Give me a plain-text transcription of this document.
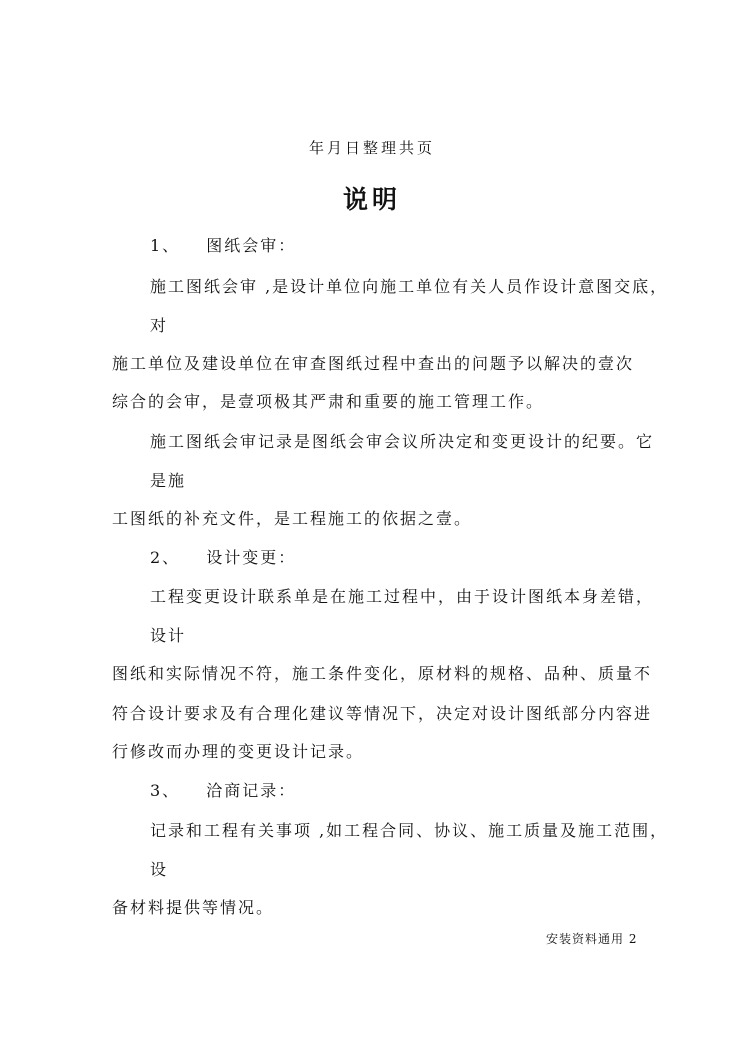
年月日整理共页
说明
1、 图纸会审：
施工图纸会审 ,是设计单位向施工单位有关人员作设计意图交底，
对
施工单位及建设单位在审查图纸过程中查出的问题予以解决的壹次
综合的会审，是壹项极其严肃和重要的施工管理工作。
施工图纸会审记录是图纸会审会议所决定和变更设计的纪要。它
是施
工图纸的补充文件，是工程施工的依据之壹。
2、 设计变更：
工程变更设计联系单是在施工过程中，由于设计图纸本身差错，
设计
图纸和实际情况不符，施工条件变化，原材料的规格、品种、质量不
符合设计要求及有合理化建议等情况下，决定对设计图纸部分内容进
行修改而办理的变更设计记录。
3、 洽商记录：
记录和工程有关事项 ,如工程合同、协议、施工质量及施工范围，
设
备材料提供等情况。
安装资料通用 2
